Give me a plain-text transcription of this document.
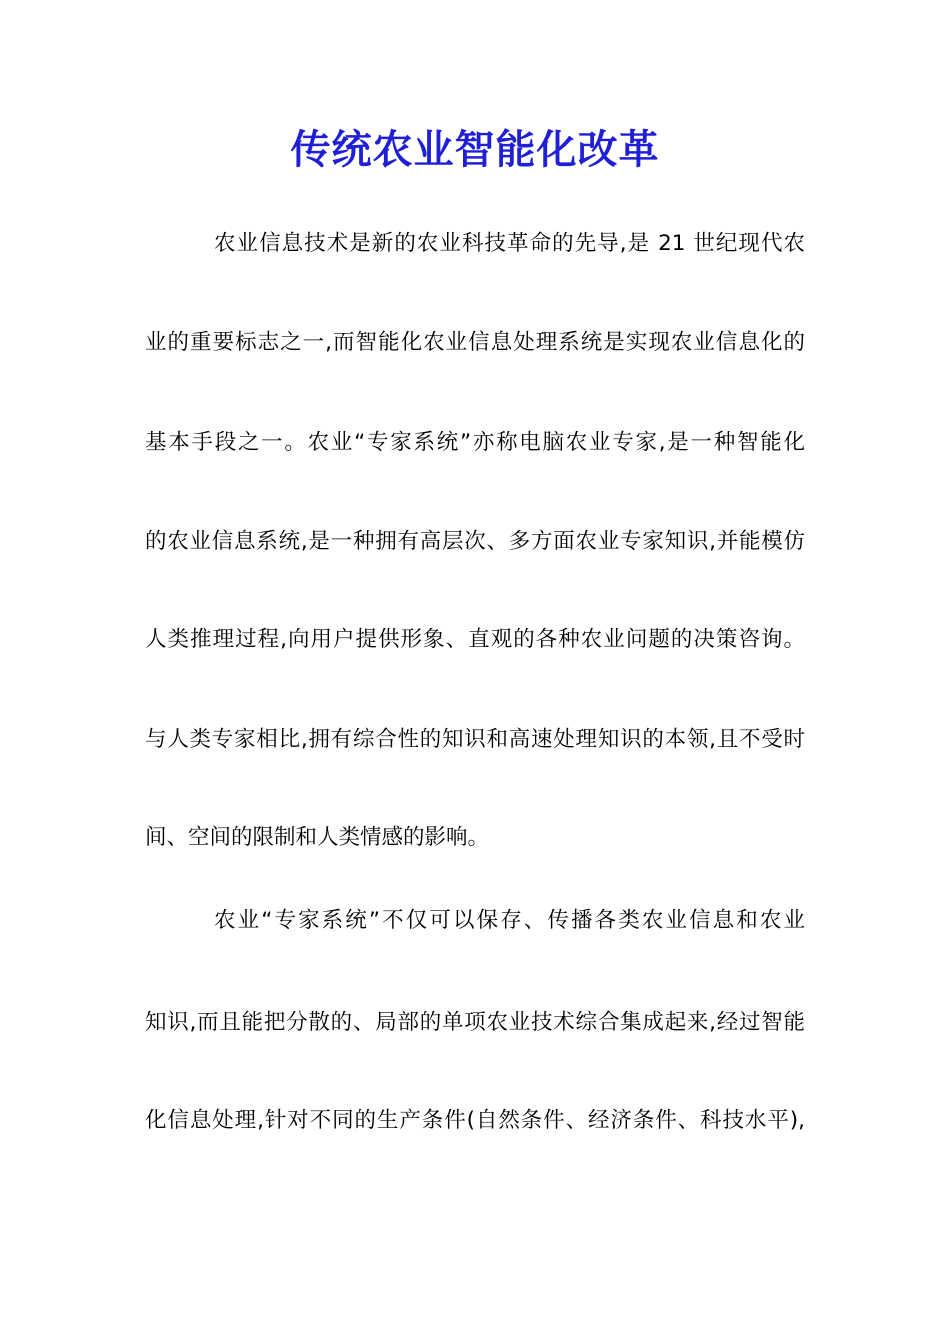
传统农业智能化改革

农业信息技术是新的农业科技革命的先导,是 21 世纪现代农

业的重要标志之一,而智能化农业信息处理系统是实现农业信息化的

基本手段之一。农业“专家系统”亦称电脑农业专家,是一种智能化

的农业信息系统,是一种拥有高层次、多方面农业专家知识,并能模仿

人类推理过程,向用户提供形象、直观的各种农业问题的决策咨询。

与人类专家相比,拥有综合性的知识和高速处理知识的本领,且不受时

间、空间的限制和人类情感的影响。

农业“专家系统”不仅可以保存、传播各类农业信息和农业

知识,而且能把分散的、局部的单项农业技术综合集成起来,经过智能

化信息处理,针对不同的生产条件(自然条件、经济条件、科技水平),
